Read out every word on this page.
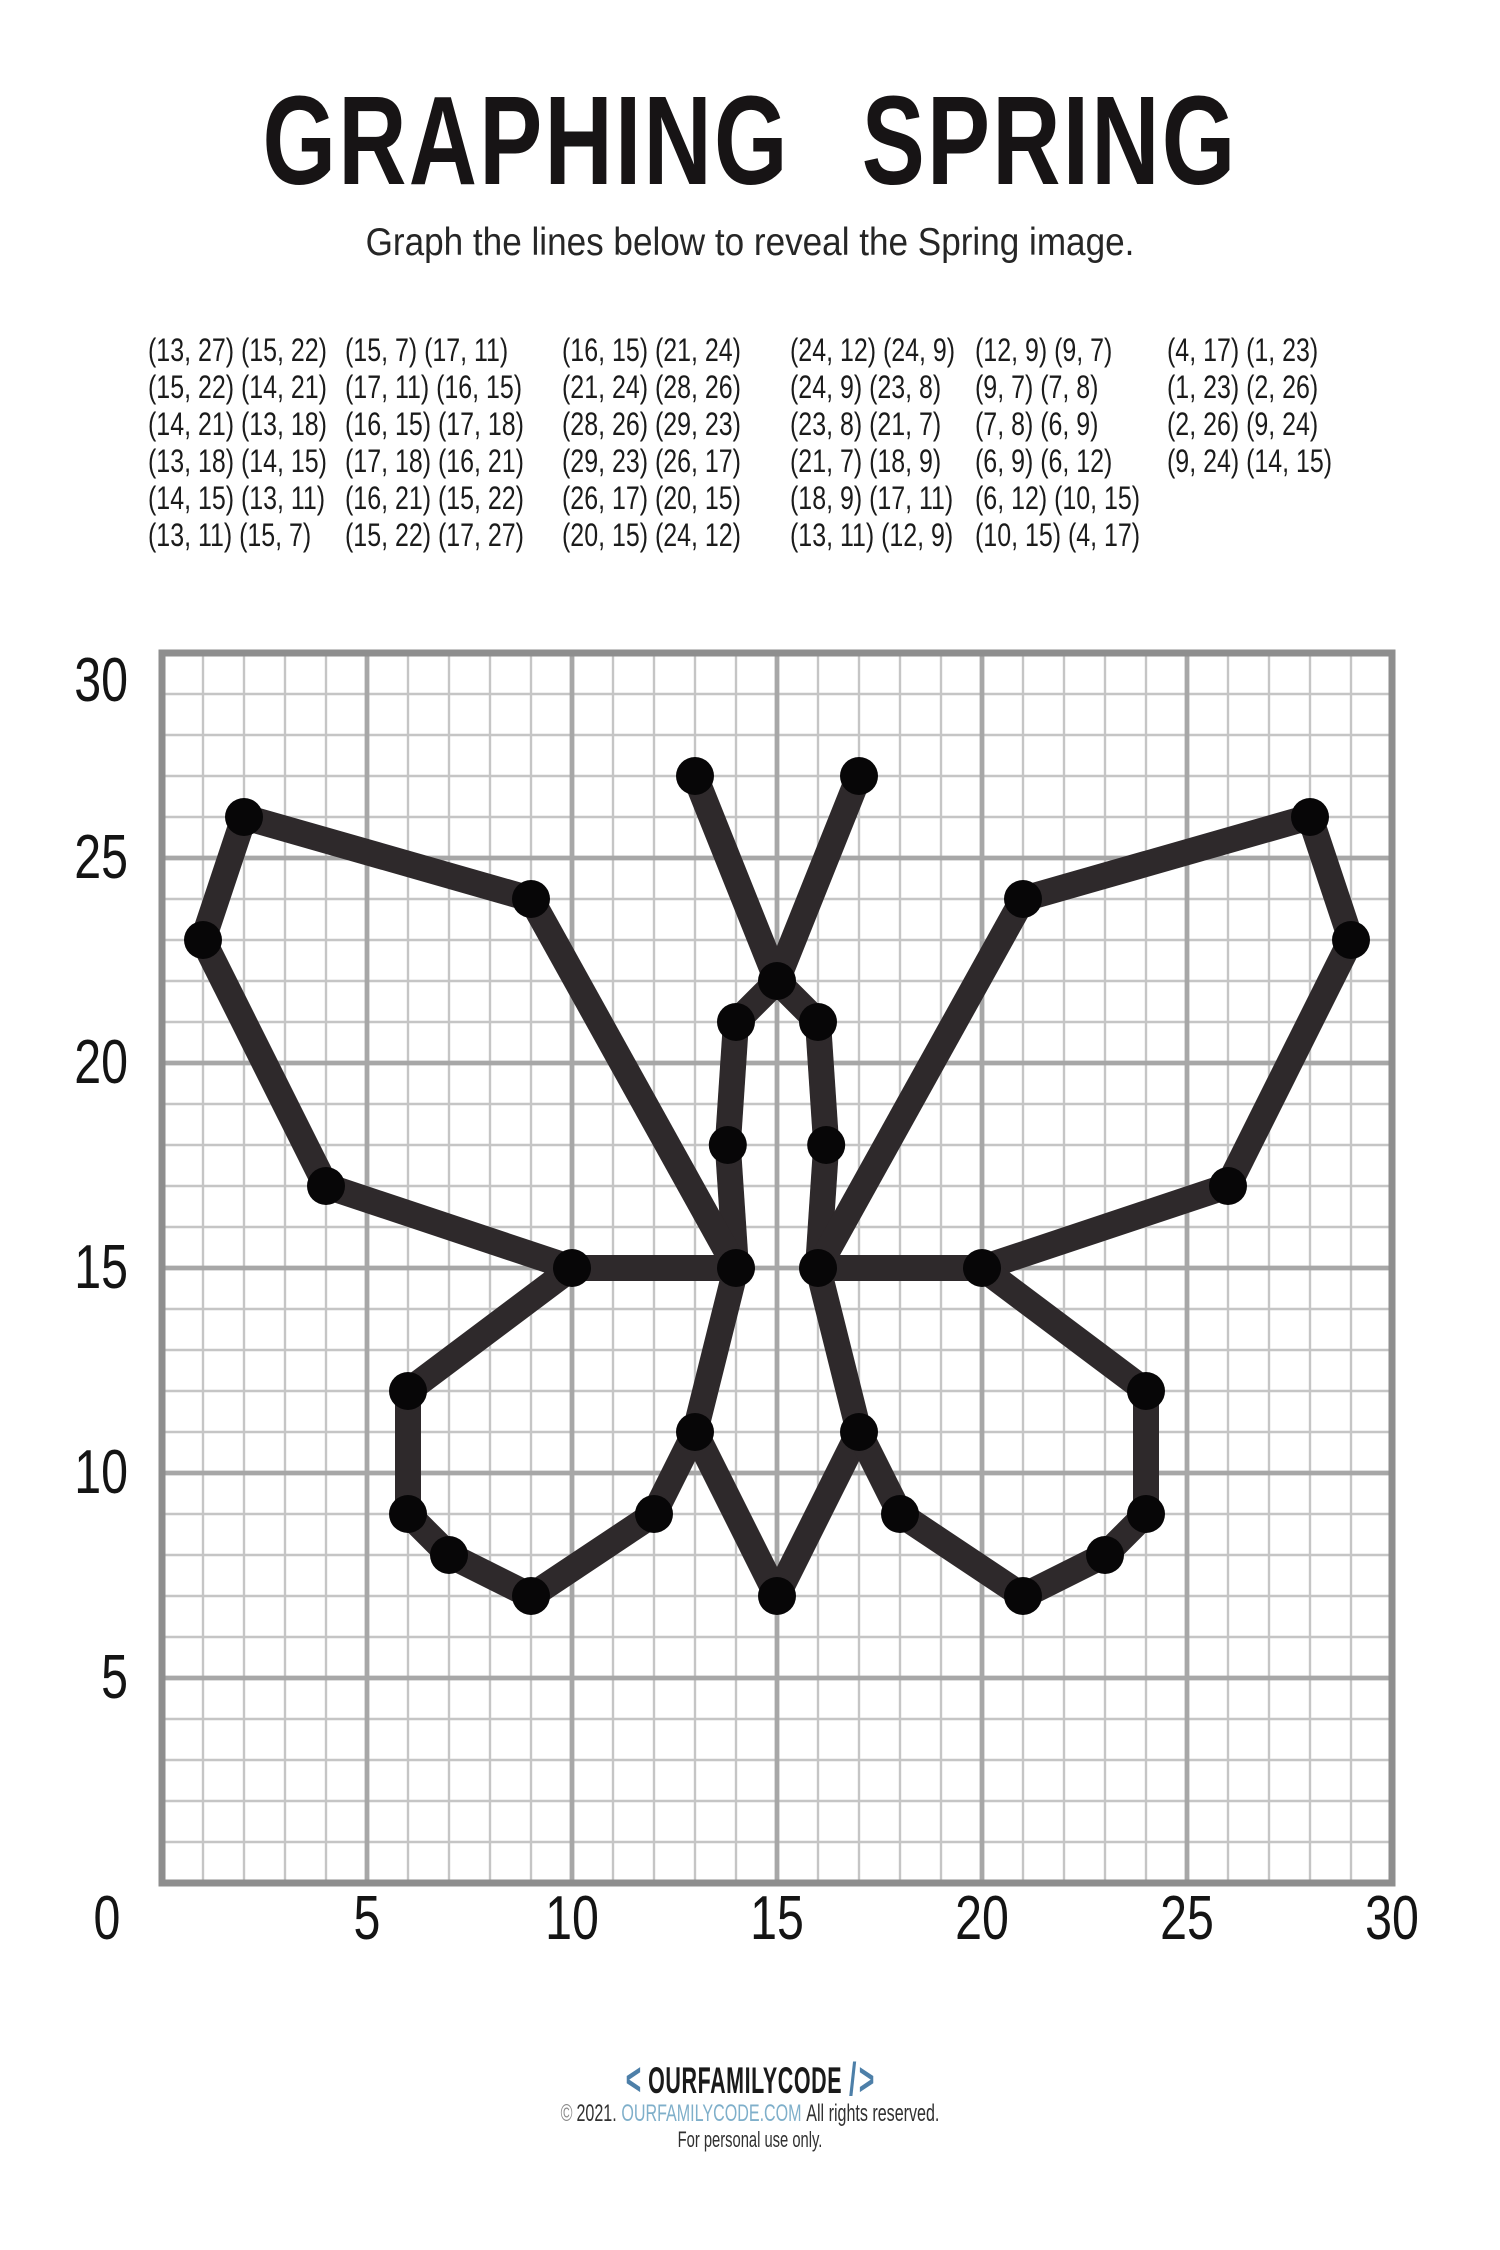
GRAPHING SPRING
Graph the lines below to reveal the Spring image.
(13, 27) (15, 22)
(15, 22) (14, 21)
(14, 21) (13, 18)
(13, 18) (14, 15)
(14, 15) (13, 11)
(13, 11) (15, 7)
(15, 7) (17, 11)
(17, 11) (16, 15)
(16, 15) (17, 18)
(17, 18) (16, 21)
(16, 21) (15, 22)
(15, 22) (17, 27)
(16, 15) (21, 24)
(21, 24) (28, 26)
(28, 26) (29, 23)
(29, 23) (26, 17)
(26, 17) (20, 15)
(20, 15) (24, 12)
(24, 12) (24, 9)
(24, 9) (23, 8)
(23, 8) (21, 7)
(21, 7) (18, 9)
(18, 9) (17, 11)
(13, 11) (12, 9)
(12, 9) (9, 7)
(9, 7) (7, 8)
(7, 8) (6, 9)
(6, 9) (6, 12)
(6, 12) (10, 15)
(10, 15) (4, 17)
(4, 17) (1, 23)
(1, 23) (2, 26)
(2, 26) (9, 24)
(9, 24) (14, 15)
30
25
20
15
10
5
0	5	10	15	20	25	30
< OURFAMILYCODE />
© 2021. OURFAMILYCODE.COM All rights reserved.
For personal use only.
